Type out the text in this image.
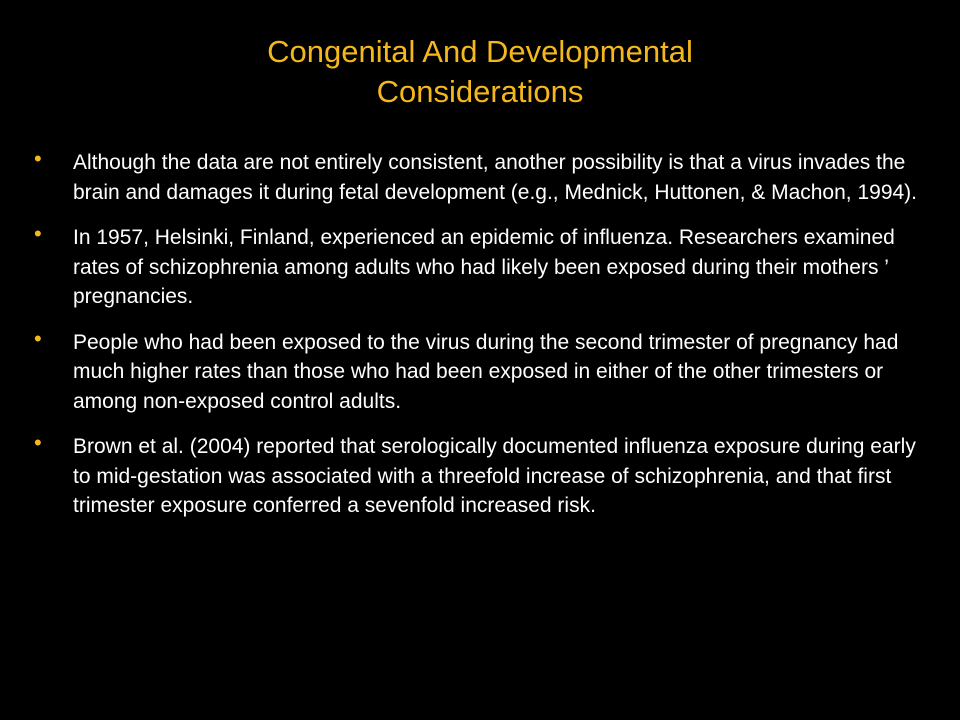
Congenital And Developmental
Considerations
• Although the data are not entirely consistent, another possibility is that a virus invades the brain and damages it during fetal development (e.g., Mednick, Huttonen, & Machon, 1994).
• In 1957, Helsinki, Finland, experienced an epidemic of influenza. Researchers examined rates of schizophrenia among adults who had likely been exposed during their mothers ’ pregnancies.
• People who had been exposed to the virus during the second trimester of pregnancy had much higher rates than those who had been exposed in either of the other trimesters or among non-exposed control adults.
• Brown et al. (2004) reported that serologically documented influenza exposure during early to mid-gestation was associated with a threefold increase of schizophrenia, and that first trimester exposure conferred a sevenfold increased risk.
